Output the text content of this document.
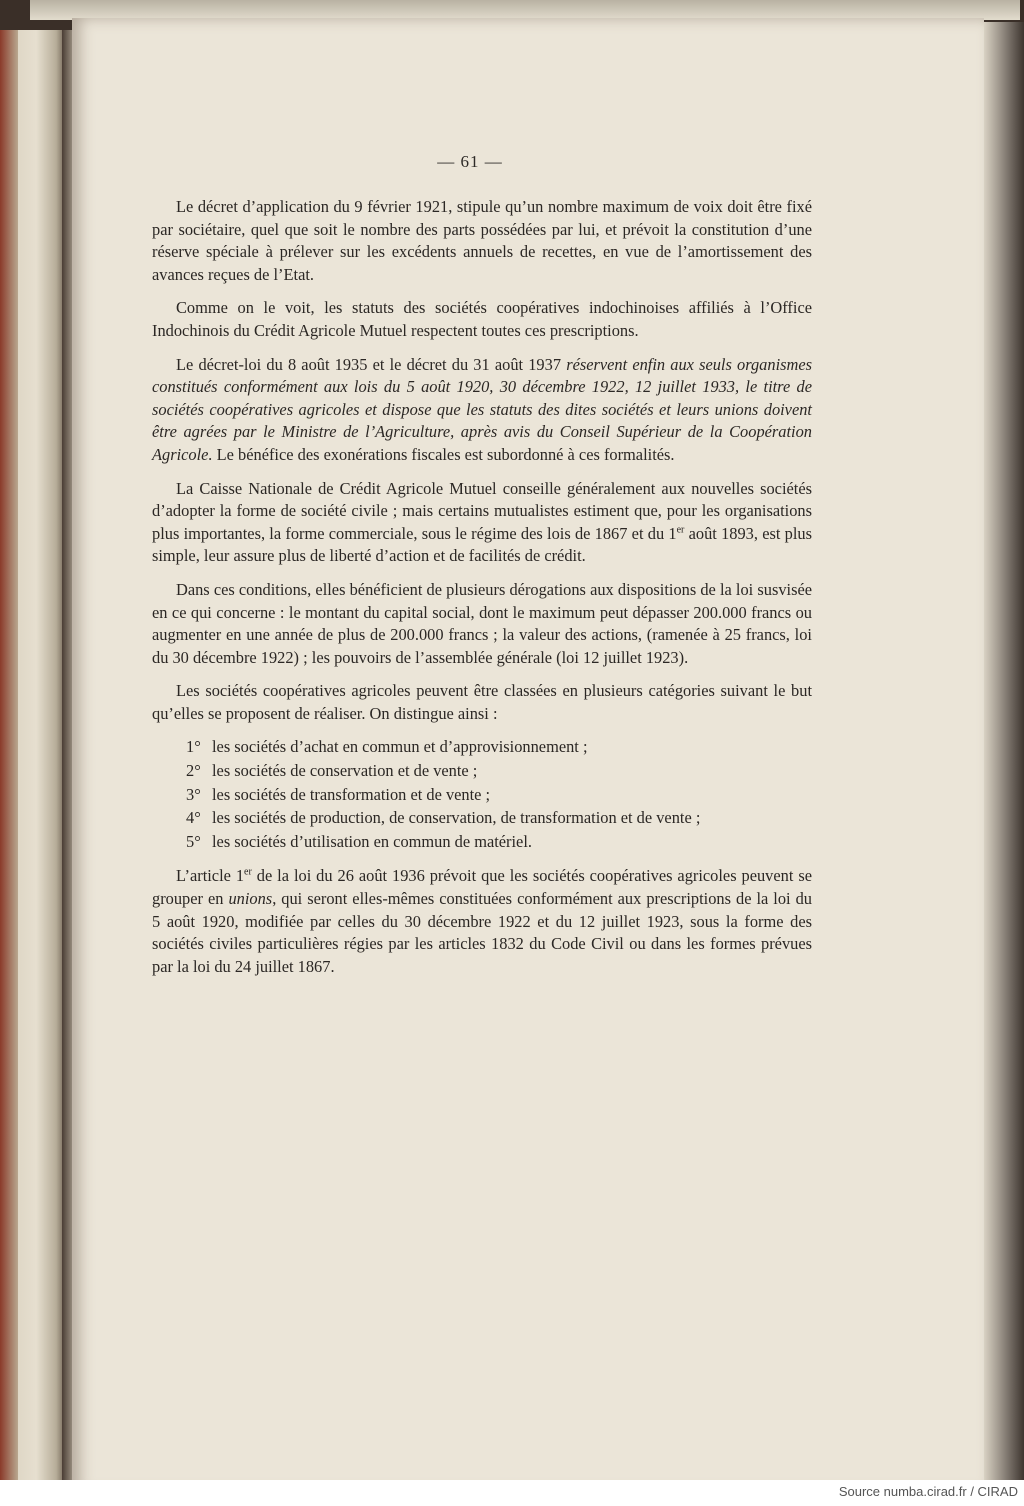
— 61 —

Le décret d’application du 9 février 1921, stipule qu’un nombre maximum de voix doit être fixé par sociétaire, quel que soit le nombre des parts possédées par lui, et prévoit la constitution d’une réserve spéciale à prélever sur les excédents annuels de recettes, en vue de l’amortissement des avances reçues de l’Etat.

Comme on le voit, les statuts des sociétés coopératives indochinoises affiliés à l’Office Indochinois du Crédit Agricole Mutuel respectent toutes ces prescriptions.

Le décret-loi du 8 août 1935 et le décret du 31 août 1937 réservent enfin aux seuls organismes constitués conformément aux lois du 5 août 1920, 30 décembre 1922, 12 juillet 1933, le titre de sociétés coopératives agricoles et dispose que les statuts des dites sociétés et leurs unions doivent être agrées par le Ministre de l’Agriculture, après avis du Conseil Supérieur de la Coopération Agricole. Le bénéfice des exonérations fiscales est subordonné à ces formalités.

La Caisse Nationale de Crédit Agricole Mutuel conseille généralement aux nouvelles sociétés d’adopter la forme de société civile ; mais certains mutualistes estiment que, pour les organisations plus importantes, la forme commerciale, sous le régime des lois de 1867 et du 1er août 1893, est plus simple, leur assure plus de liberté d’action et de facilités de crédit.

Dans ces conditions, elles bénéficient de plusieurs dérogations aux dispositions de la loi susvisée en ce qui concerne : le montant du capital social, dont le maximum peut dépasser 200.000 francs ou augmenter en une année de plus de 200.000 francs ; la valeur des actions, (ramenée à 25 francs, loi du 30 décembre 1922) ; les pouvoirs de l’assemblée générale (loi 12 juillet 1923).

Les sociétés coopératives agricoles peuvent être classées en plusieurs catégories suivant le but qu’elles se proposent de réaliser. On distingue ainsi :

1° les sociétés d’achat en commun et d’approvisionnement ;
2° les sociétés de conservation et de vente ;
3° les sociétés de transformation et de vente ;
4° les sociétés de production, de conservation, de transformation et de vente ;
5° les sociétés d’utilisation en commun de matériel.

L’article 1er de la loi du 26 août 1936 prévoit que les sociétés coopératives agricoles peuvent se grouper en unions, qui seront elles-mêmes constituées conformément aux prescriptions de la loi du 5 août 1920, modifiée par celles du 30 décembre 1922 et du 12 juillet 1923, sous la forme des sociétés civiles particulières régies par les articles 1832 du Code Civil ou dans les formes prévues par la loi du 24 juillet 1867.

Source numba.cirad.fr / CIRAD
